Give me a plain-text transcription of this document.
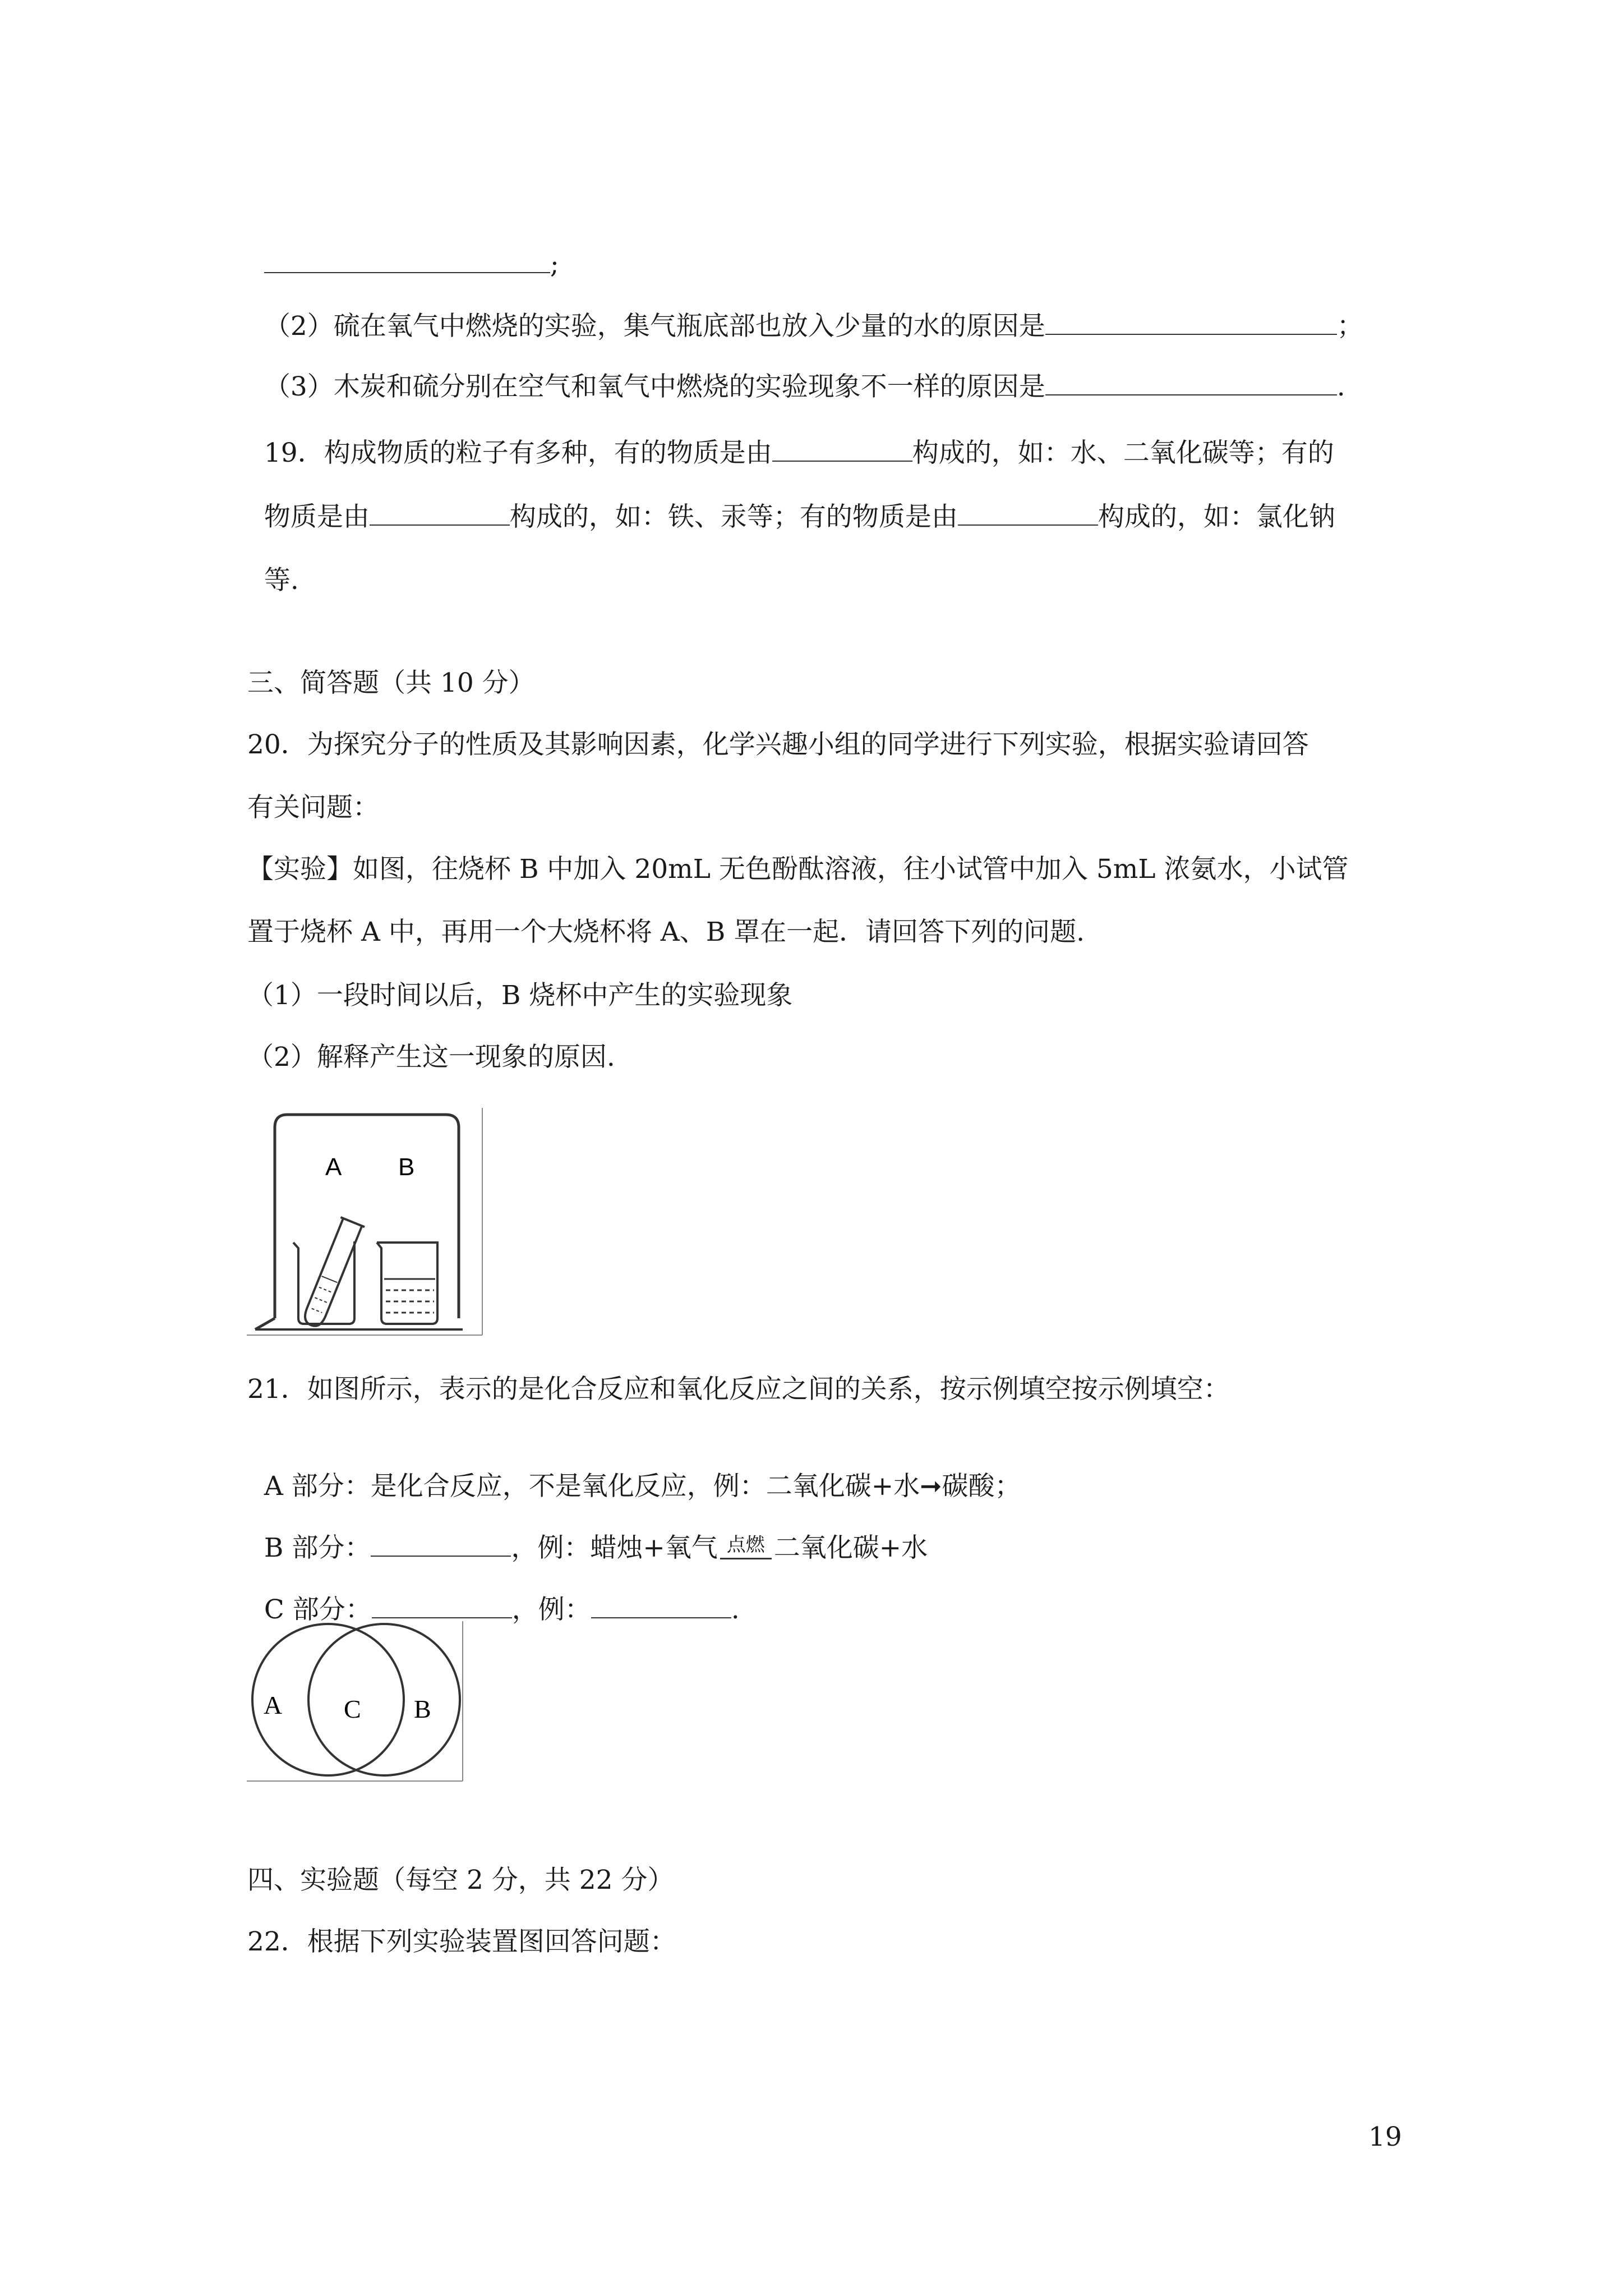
;

（2）硫在氧气中燃烧的实验，集气瓶底部也放入少量的水的原因是	；

（3）木炭和硫分别在空气和氧气中燃烧的实验现象不一样的原因是	.

19．构成物质的粒子有多种，有的物质是由	构成的，如：水、二氧化碳等；有的

物质是由	构成的，如：铁、汞等；有的物质是由	构成的，如：氯化钠

等.

三、简答题（共 10 分）
20．为探究分子的性质及其影响因素，化学兴趣小组的同学进行下列实验，根据实验请回答
有关问题：
【实验】如图，往烧杯 B 中加入 20mL 无色酚酞溶液，往小试管中加入 5mL 浓氨水，小试管
置于烧杯 A 中，再用一个大烧杯将 A、B 罩在一起．请回答下列的问题.
（1）一段时间以后，B 烧杯中产生的实验现象
（2）解释产生这一现象的原因.
A B
21．如图所示，表示的是化合反应和氧化反应之间的关系，按示例填空按示例填空：

A 部分：是化合反应，不是氧化反应，例：二氧化碳+水➞碳酸；

B 部分：	，例：蜡烛+氧气 点燃 二氧化碳+水

C 部分：	，例：	.

A C B
四、实验题（每空 2 分，共 22 分）
22．根据下列实验装置图回答问题：
19
